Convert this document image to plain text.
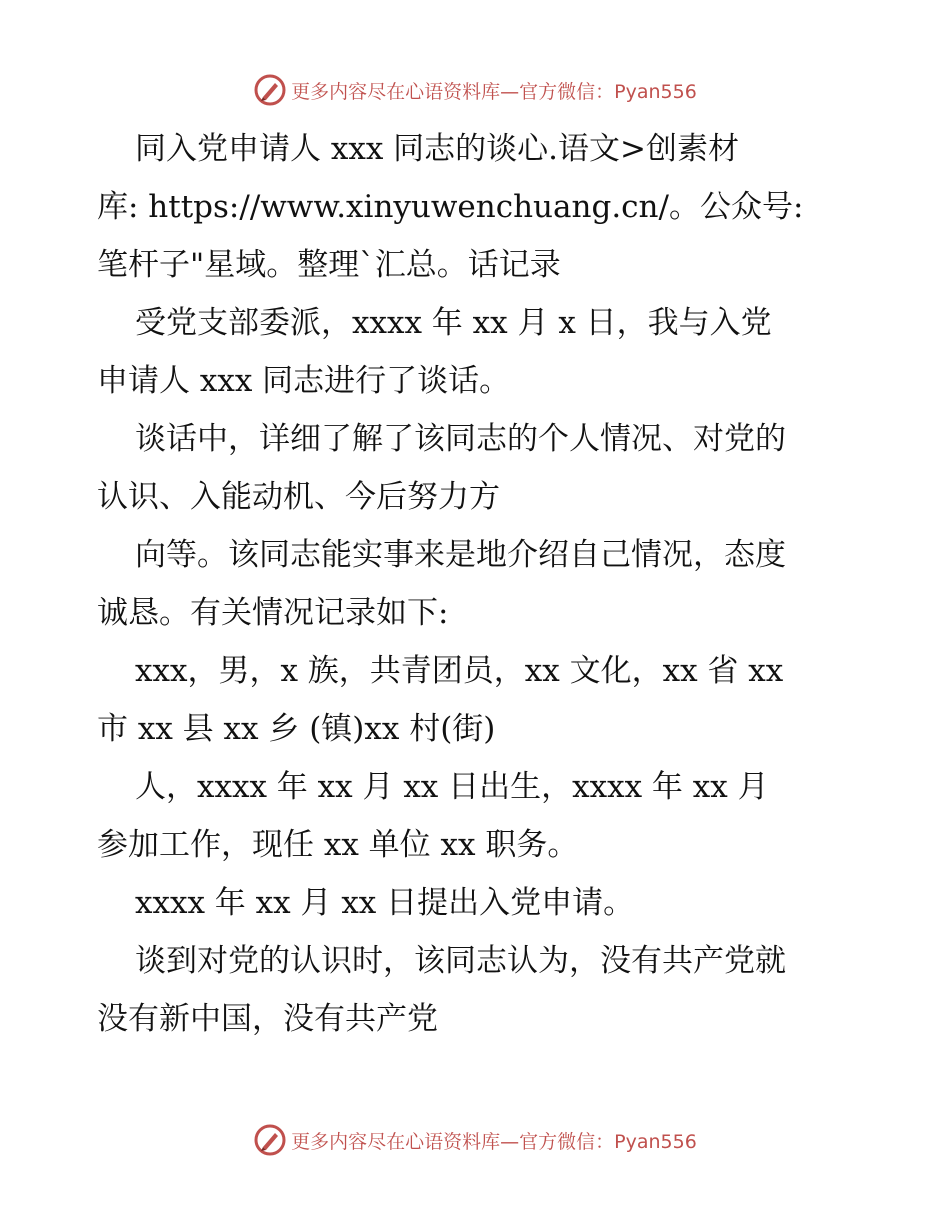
更多内容尽在心语资料库—官方微信：Pyan556
同入党申请人 xxx 同志的谈心.语文>创素材
库: https://www.xinyuwenchuang.cn/。公众号:
笔杆子"星域。整理`汇总。话记录
受党支部委派，xxxx 年 xx 月 x 日，我与入党
申请人 xxx 同志进行了谈话。
谈话中，详细了解了该同志的个人情况、对党的
认识、入能动机、今后努力方
向等。该同志能实事来是地介绍自己情况，态度
诚恳。有关情况记录如下:
xxx，男，x 族，共青团员，xx 文化，xx 省 xx
市 xx 县 xx 乡 (镇)xx 村(街)
人，xxxx 年 xx 月 xx 日出生，xxxx 年 xx 月
参加工作，现任 xx 单位 xx 职务。
xxxx 年 xx 月 xx 日提出入党申请。
谈到对党的认识时，该同志认为，没有共产党就
没有新中国，没有共产党
更多内容尽在心语资料库—官方微信：Pyan556
